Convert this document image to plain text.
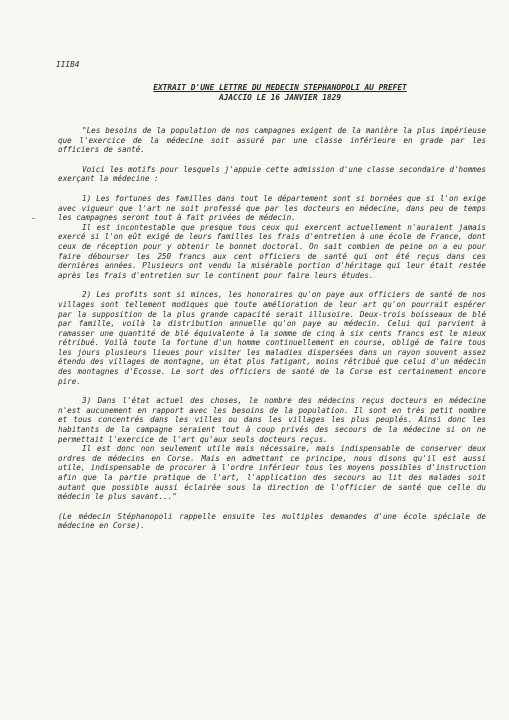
IIIB4
EXTRAIT D'UNE LETTRE DU MEDECIN STEPHANOPOLI AU PREFET
AJACCIO LE 16 JANVIER 1829
-

"Les besoins de la population de nos campagnes exigent de la manière la plus impérieuse que l'exercice de la médecine soit assuré par une classe inférieure en grade par les officiers de santé.

Voici les motifs pour lesquels j'appuie cette admission d'une classe secondaire d'hommes exerçant la médecine :

1) Les fortunes des familles dans tout le département sont si bornées que si l'on exige avec vigueur que l'art ne soit professé que par les docteurs en médecine, dans peu de temps les campagnes seront tout à fait privées de médecin.

Il est incontestable que presque tous ceux qui exercent actuellement n'auraient jamais exercé si l'on eût exigé de leurs familles les frais d'entretien à une école de France, dont ceux de réception pour y obtenir le bonnet doctoral. On sait combien de peine on a eu pour faire débourser les 250 francs aux cent officiers de santé qui ont été reçus dans ces dernières années. Plusieurs ont vendu la misérable portion d'héritage qui leur était restée après les frais d'entretien sur le continent pour faire leurs études.

2) Les profits sont si minces, les honoraires qu'on paye aux officiers de santé de nos villages sont tellement modiques que toute amélioration de leur art qu'on pourrait espérer par la supposition de la plus grande capacité serait illusoire. Deux-trois boisseaux de blé par famille, voilà la distribution annuelle qu'on paye au médecin. Celui qui parvient à ramasser une quantité de blé équivalente à la somme de cinq à six cents francs est le mieux rétribué. Voilà toute la fortune d'un homme continuellement en course, obligé de faire tous les jours plusieurs lieues pour visiter les maladies dispersées dans un rayon souvent assez étendu des villages de montagne, un état plus fatigant, moins rétribué que celui d'un médecin des montagnes d'Ecosse. Le sort des officiers de santé de la Corse est certainement encore pire.

3) Dans l'état actuel des choses, le nombre des médecins reçus docteurs en médecine n'est aucunement en rapport avec les besoins de la population. Il sont en très petit nombre et tous concentrés dans les villes ou dans les villages les plus peuplés. Ainsi donc les habitants de la campagne seraient tout à coup privés des secours de la médecine si on ne permettait l'exercice de l'art qu'aux seuls docteurs reçus.

Il est donc non seulement utile mais nécessaire, mais indispensable de conserver deux ordres de médecins en Corse. Mais en admettant ce principe, nous disons qu'il est aussi utile, indispensable de procurer à l'ordre inférieur tous les moyens possibles d'instruction afin que la partie pratique de l'art, l'application des secours au lit des malades soit autant que possible aussi éclairée sous la direction de l'officier de santé que celle du médecin le plus savant..."

(Le médecin Stéphanopoli rappelle ensuite les multiples demandes d'une école spéciale de médecine en Corse).
